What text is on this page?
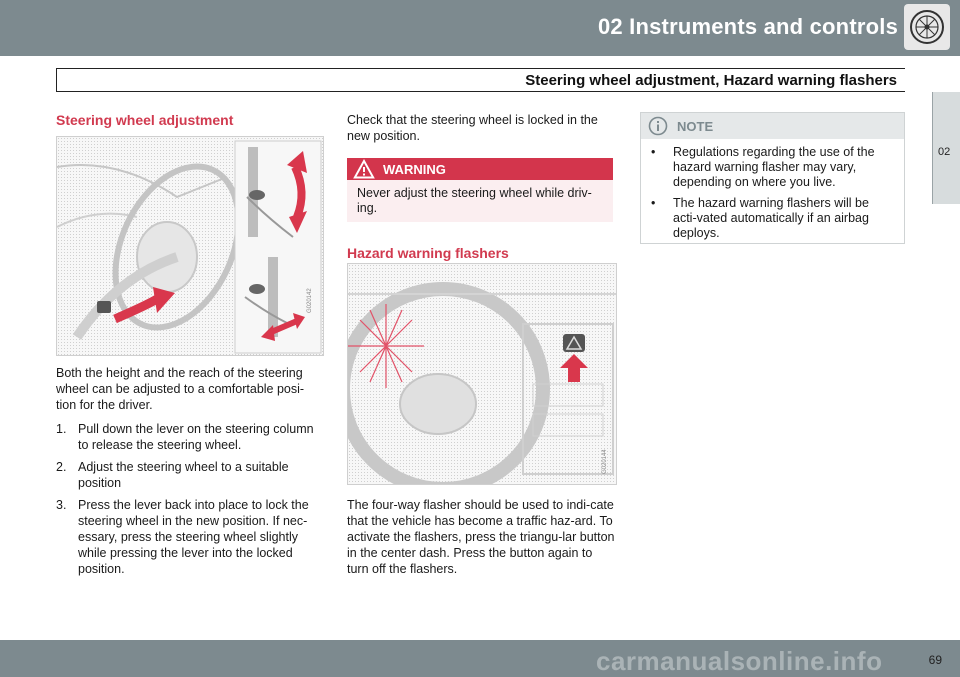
02 Instruments and controls
Steering wheel adjustment, Hazard warning flashers
02
Steering wheel adjustment
G020142

Both the height and the reach of the steering wheel can be adjusted to a comfortable posi-tion for the driver.

1. Pull down the lever on the steering column to release the steering wheel.
2. Adjust the steering wheel to a suitable position
3. Press the lever back into place to lock the steering wheel in the new position. If nec-essary, press the steering wheel slightly while pressing the lever into the locked position.

Check that the steering wheel is locked in the new position.

WARNING
Never adjust the steering wheel while driv-ing.
Hazard warning flashers
G020144

The four-way flasher should be used to indi-cate that the vehicle has become a traffic haz-ard. To activate the flashers, press the triangu-lar button in the center dash. Press the button again to turn off the flashers.

NOTE
• Regulations regarding the use of the hazard warning flasher may vary, depending on where you live.
• The hazard warning flashers will be acti-vated automatically if an airbag deploys.
carmanualsonline.info	69
